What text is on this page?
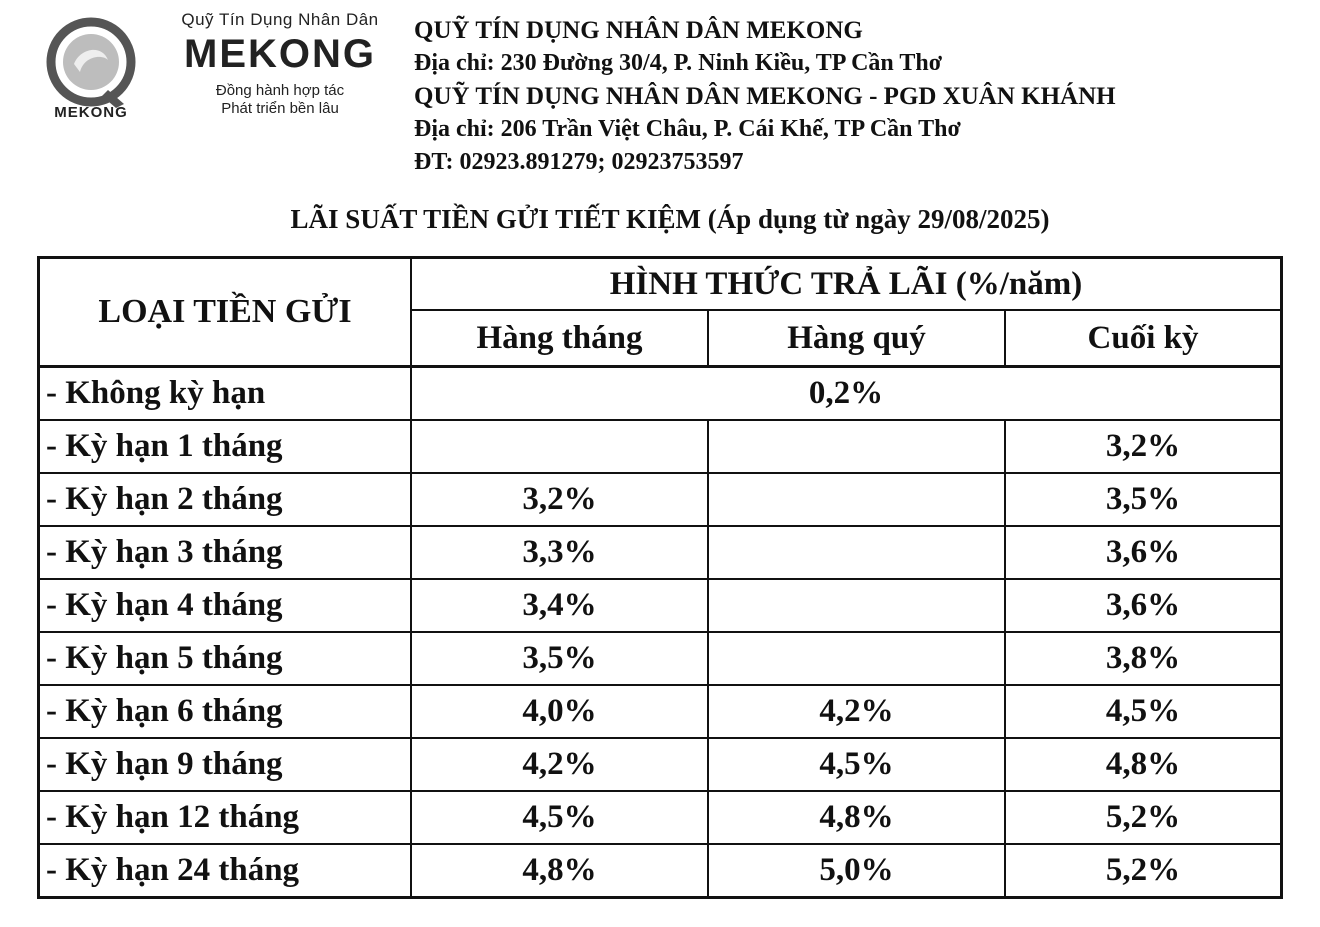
MEKONG
Quỹ Tín Dụng Nhân Dân
MEKONG
Đồng hành hợp tác
Phát triển bền lâu
QUỸ TÍN DỤNG NHÂN DÂN MEKONG
Địa chỉ: 230 Đường 30/4, P. Ninh Kiều, TP Cần Thơ
QUỸ TÍN DỤNG NHÂN DÂN MEKONG - PGD XUÂN KHÁNH
Địa chỉ: 206 Trần Việt Châu, P. Cái Khế, TP Cần Thơ
ĐT: 02923.891279; 02923753597
LÃI SUẤT TIỀN GỬI TIẾT KIỆM (Áp dụng từ ngày 29/08/2025)
LOẠI TIỀN GỬI	HÌNH THỨC TRẢ LÃI (%/năm)		
	Hàng tháng	Hàng quý	Cuối kỳ
- Không kỳ hạn	0,2%		
- Kỳ hạn 1 tháng			3,2%
- Kỳ hạn 2 tháng	3,2%		3,5%
- Kỳ hạn 3 tháng	3,3%		3,6%
- Kỳ hạn 4 tháng	3,4%		3,6%
- Kỳ hạn 5 tháng	3,5%		3,8%
- Kỳ hạn 6 tháng	4,0%	4,2%	4,5%
- Kỳ hạn 9 tháng	4,2%	4,5%	4,8%
- Kỳ hạn 12 tháng	4,5%	4,8%	5,2%
- Kỳ hạn 24 tháng	4,8%	5,0%	5,2%
